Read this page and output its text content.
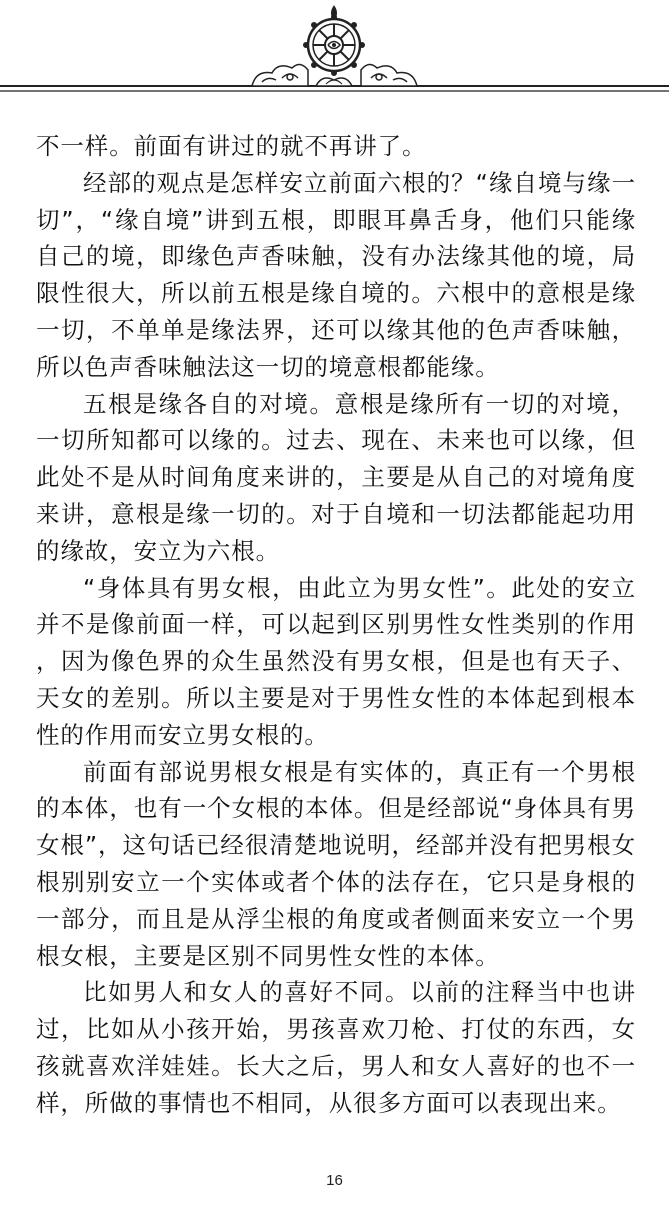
不一样。前面有讲过的就不再讲了。

经部的观点是怎样安立前面六根的？“缘自境与缘一切”，“缘自境”讲到五根，即眼耳鼻舌身，他们只能缘自己的境，即缘色声香味触，没有办法缘其他的境，局限性很大，所以前五根是缘自境的。六根中的意根是缘一切，不单单是缘法界，还可以缘其他的色声香味触，所以色声香味触法这一切的境意根都能缘。

五根是缘各自的对境。意根是缘所有一切的对境，一切所知都可以缘的。过去、现在、未来也可以缘，但此处不是从时间角度来讲的，主要是从自己的对境角度来讲，意根是缘一切的。对于自境和一切法都能起功用的缘故，安立为六根。

“身体具有男女根，由此立为男女性”。此处的安立并不是像前面一样，可以起到区别男性女性类别的作用，因为像色界的众生虽然没有男女根，但是也有天子、天女的差别。所以主要是对于男性女性的本体起到根本性的作用而安立男女根的。

前面有部说男根女根是有实体的，真正有一个男根的本体，也有一个女根的本体。但是经部说“身体具有男女根”，这句话已经很清楚地说明，经部并没有把男根女根别别安立一个实体或者个体的法存在，它只是身根的一部分，而且是从浮尘根的角度或者侧面来安立一个男根女根，主要是区别不同男性女性的本体。

比如男人和女人的喜好不同。以前的注释当中也讲过，比如从小孩开始，男孩喜欢刀枪、打仗的东西，女孩就喜欢洋娃娃。长大之后，男人和女人喜好的也不一样，所做的事情也不相同，从很多方面可以表现出来。

16
